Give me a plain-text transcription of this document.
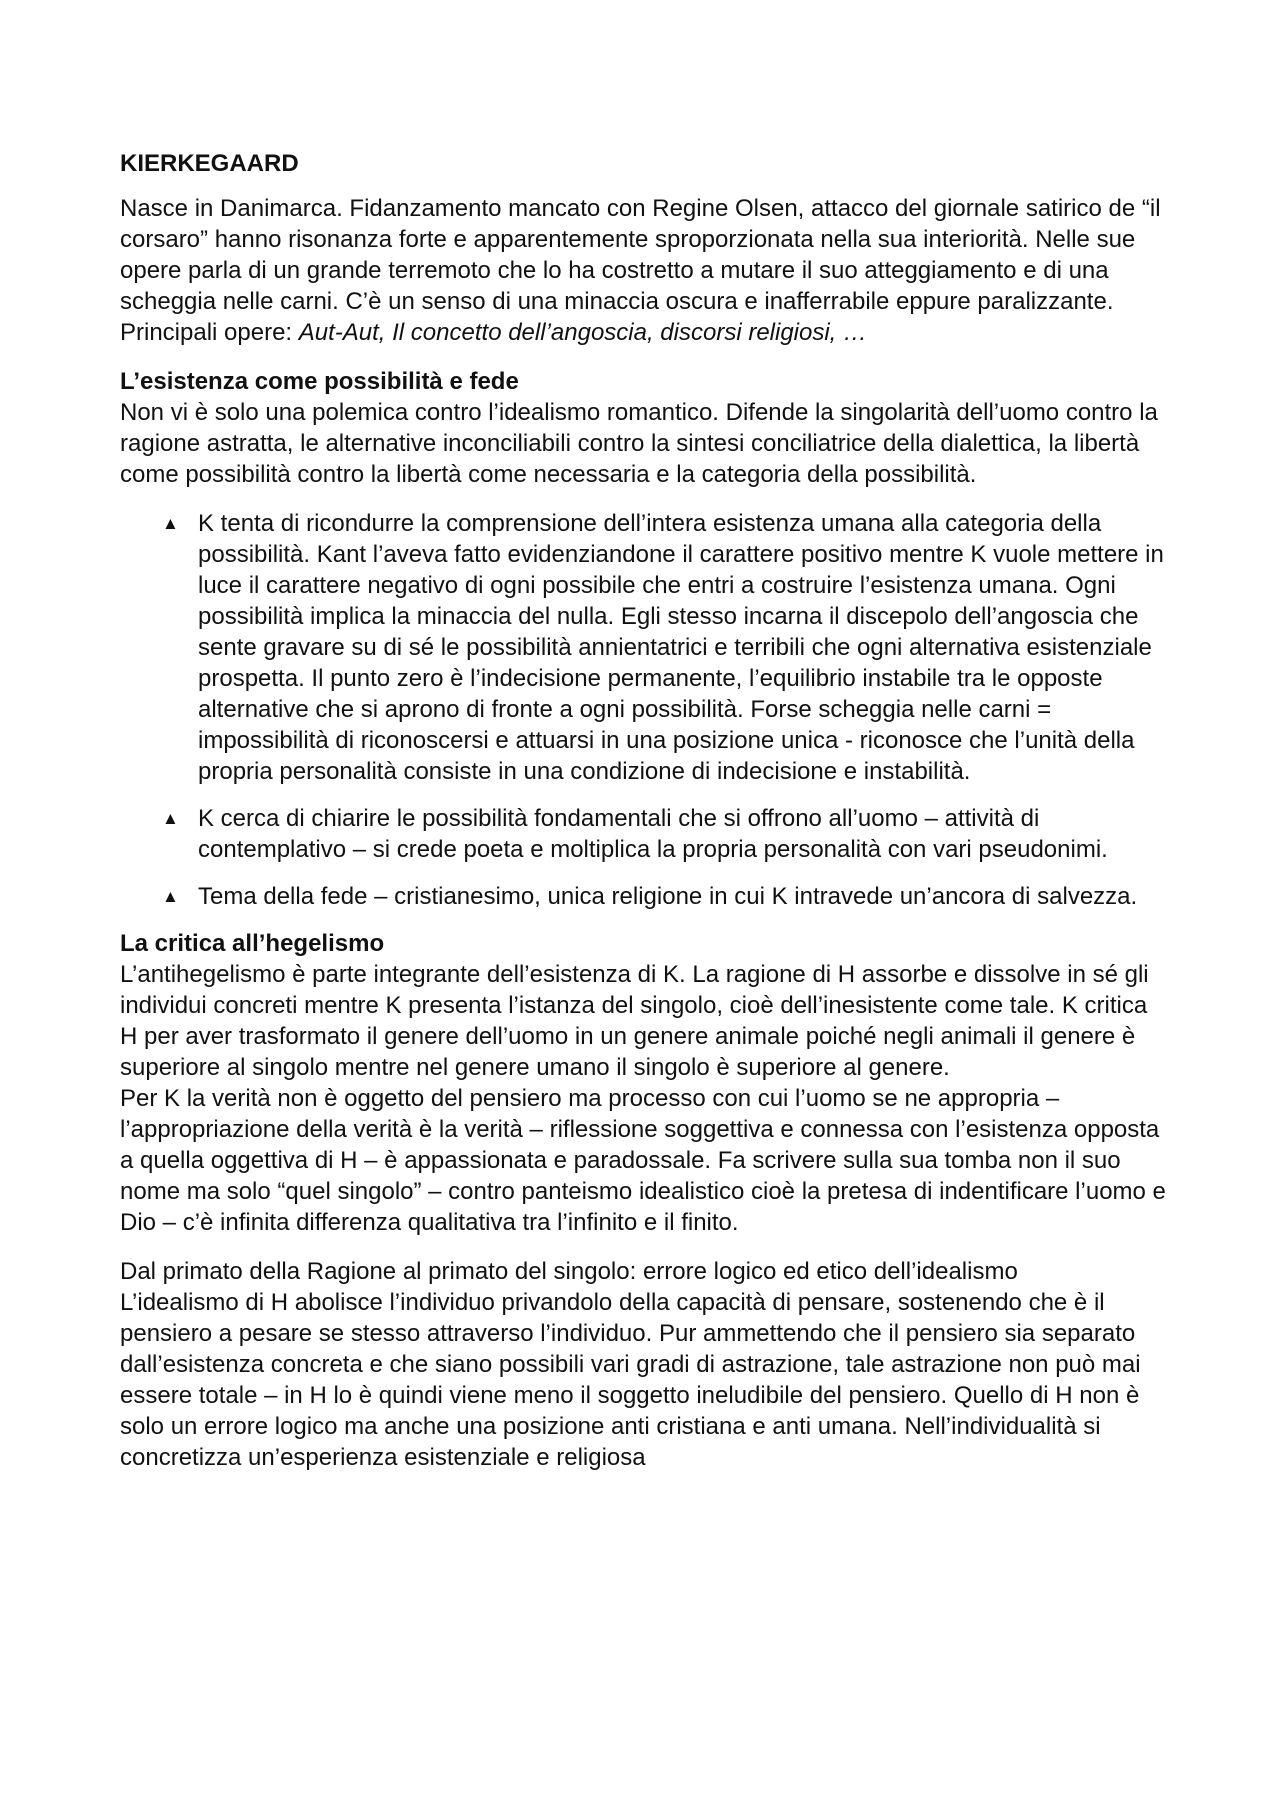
KIERKEGAARD

Nasce in Danimarca. Fidanzamento mancato con Regine Olsen, attacco del giornale satirico de “il corsaro” hanno risonanza forte e apparentemente sproporzionata nella sua interiorità. Nelle sue opere parla di un grande terremoto che lo ha costretto a mutare il suo atteggiamento e di una scheggia nelle carni. C’è un senso di una minaccia oscura e inafferrabile eppure paralizzante. Principali opere: Aut-Aut, Il concetto dell’angoscia, discorsi religiosi, …

L’esistenza come possibilità e fede

Non vi è solo una polemica contro l’idealismo romantico. Difende la singolarità dell’uomo contro la ragione astratta, le alternative inconciliabili contro la sintesi conciliatrice della dialettica, la libertà come possibilità contro la libertà come necessaria e la categoria della possibilità.

▲ K tenta di ricondurre la comprensione dell’intera esistenza umana alla categoria della possibilità. Kant l’aveva fatto evidenziandone il carattere positivo mentre K vuole mettere in luce il carattere negativo di ogni possibile che entri a costruire l’esistenza umana. Ogni possibilità implica la minaccia del nulla. Egli stesso incarna il discepolo dell’angoscia che sente gravare su di sé le possibilità annientatrici e terribili che ogni alternativa esistenziale prospetta. Il punto zero è l’indecisione permanente, l’equilibrio instabile tra le opposte alternative che si aprono di fronte a ogni possibilità. Forse scheggia nelle carni = impossibilità di riconoscersi e attuarsi in una posizione unica - riconosce che l’unità della propria personalità consiste in una condizione di indecisione e instabilità.
▲ K cerca di chiarire le possibilità fondamentali che si offrono all’uomo – attività di contemplativo – si crede poeta e moltiplica la propria personalità con vari pseudonimi.
▲ Tema della fede – cristianesimo, unica religione in cui K intravede un’ancora di salvezza.
La critica all’hegelismo

L’antihegelismo è parte integrante dell’esistenza di K. La ragione di H assorbe e dissolve in sé gli individui concreti mentre K presenta l’istanza del singolo, cioè dell’inesistente come tale. K critica H per aver trasformato il genere dell’uomo in un genere animale poiché negli animali il genere è superiore al singolo mentre nel genere umano il singolo è superiore al genere.

Per K la verità non è oggetto del pensiero ma processo con cui l’uomo se ne appropria – l’appropriazione della verità è la verità – riflessione soggettiva e connessa con l’esistenza opposta a quella oggettiva di H – è appassionata e paradossale. Fa scrivere sulla sua tomba non il suo nome ma solo “quel singolo” – contro panteismo idealistico cioè la pretesa di indentificare l’uomo e Dio – c’è infinita differenza qualitativa tra l’infinito e il finito.

Dal primato della Ragione al primato del singolo: errore logico ed etico dell’idealismo

L’idealismo di H abolisce l’individuo privandolo della capacità di pensare, sostenendo che è il pensiero a pesare se stesso attraverso l’individuo. Pur ammettendo che il pensiero sia separato dall’esistenza concreta e che siano possibili vari gradi di astrazione, tale astrazione non può mai essere totale – in H lo è quindi viene meno il soggetto ineludibile del pensiero. Quello di H non è solo un errore logico ma anche una posizione anti cristiana e anti umana. Nell’individualità si concretizza un’esperienza esistenziale e religiosa
